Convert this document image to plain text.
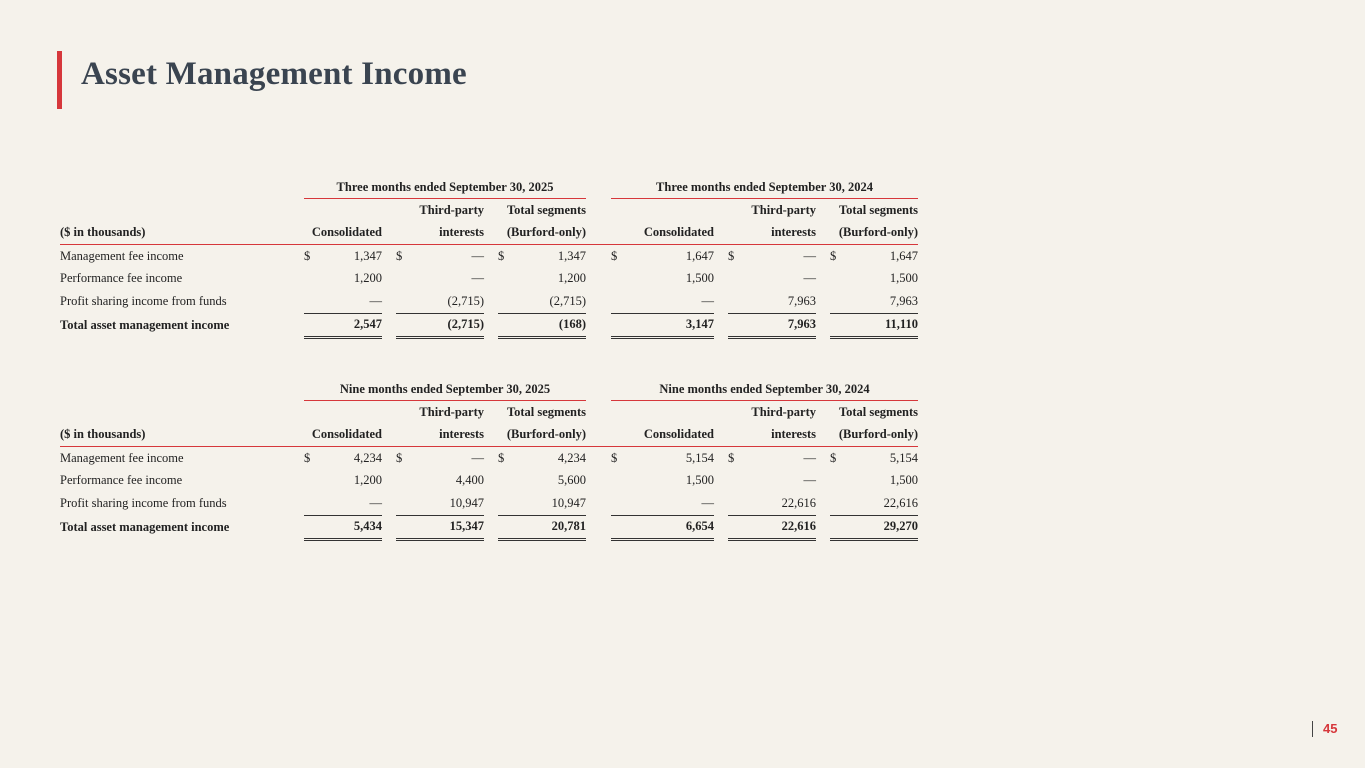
Asset Management Income
		Three months ended September 30, 2025									Three months ended September 30, 2024							
					Third-party			Total segments						Third-party			Total segments	
($ in thousands)		Consolidated			interests			(Burford-only)			Consolidated			interests			(Burford-only)	
Management fee income		$	1,347		$	—		$	1,347		$	1,647		$	—		$	1,647
Performance fee income			1,200			—			1,200			1,500			—			1,500
Profit sharing income from funds			—			(2,715)			(2,715)			—			7,963			7,963
Total asset management income			2,547			(2,715)			(168)			3,147			7,963			11,110
		Nine months ended September 30, 2025									Nine months ended September 30, 2024							
					Third-party			Total segments						Third-party			Total segments	
($ in thousands)		Consolidated			interests			(Burford-only)			Consolidated			interests			(Burford-only)	
Management fee income		$	4,234		$	—		$	4,234		$	5,154		$	—		$	5,154
Performance fee income			1,200			4,400			5,600			1,500			—			1,500
Profit sharing income from funds			—			10,947			10,947			—			22,616			22,616
Total asset management income			5,434			15,347			20,781			6,654			22,616			29,270
45
